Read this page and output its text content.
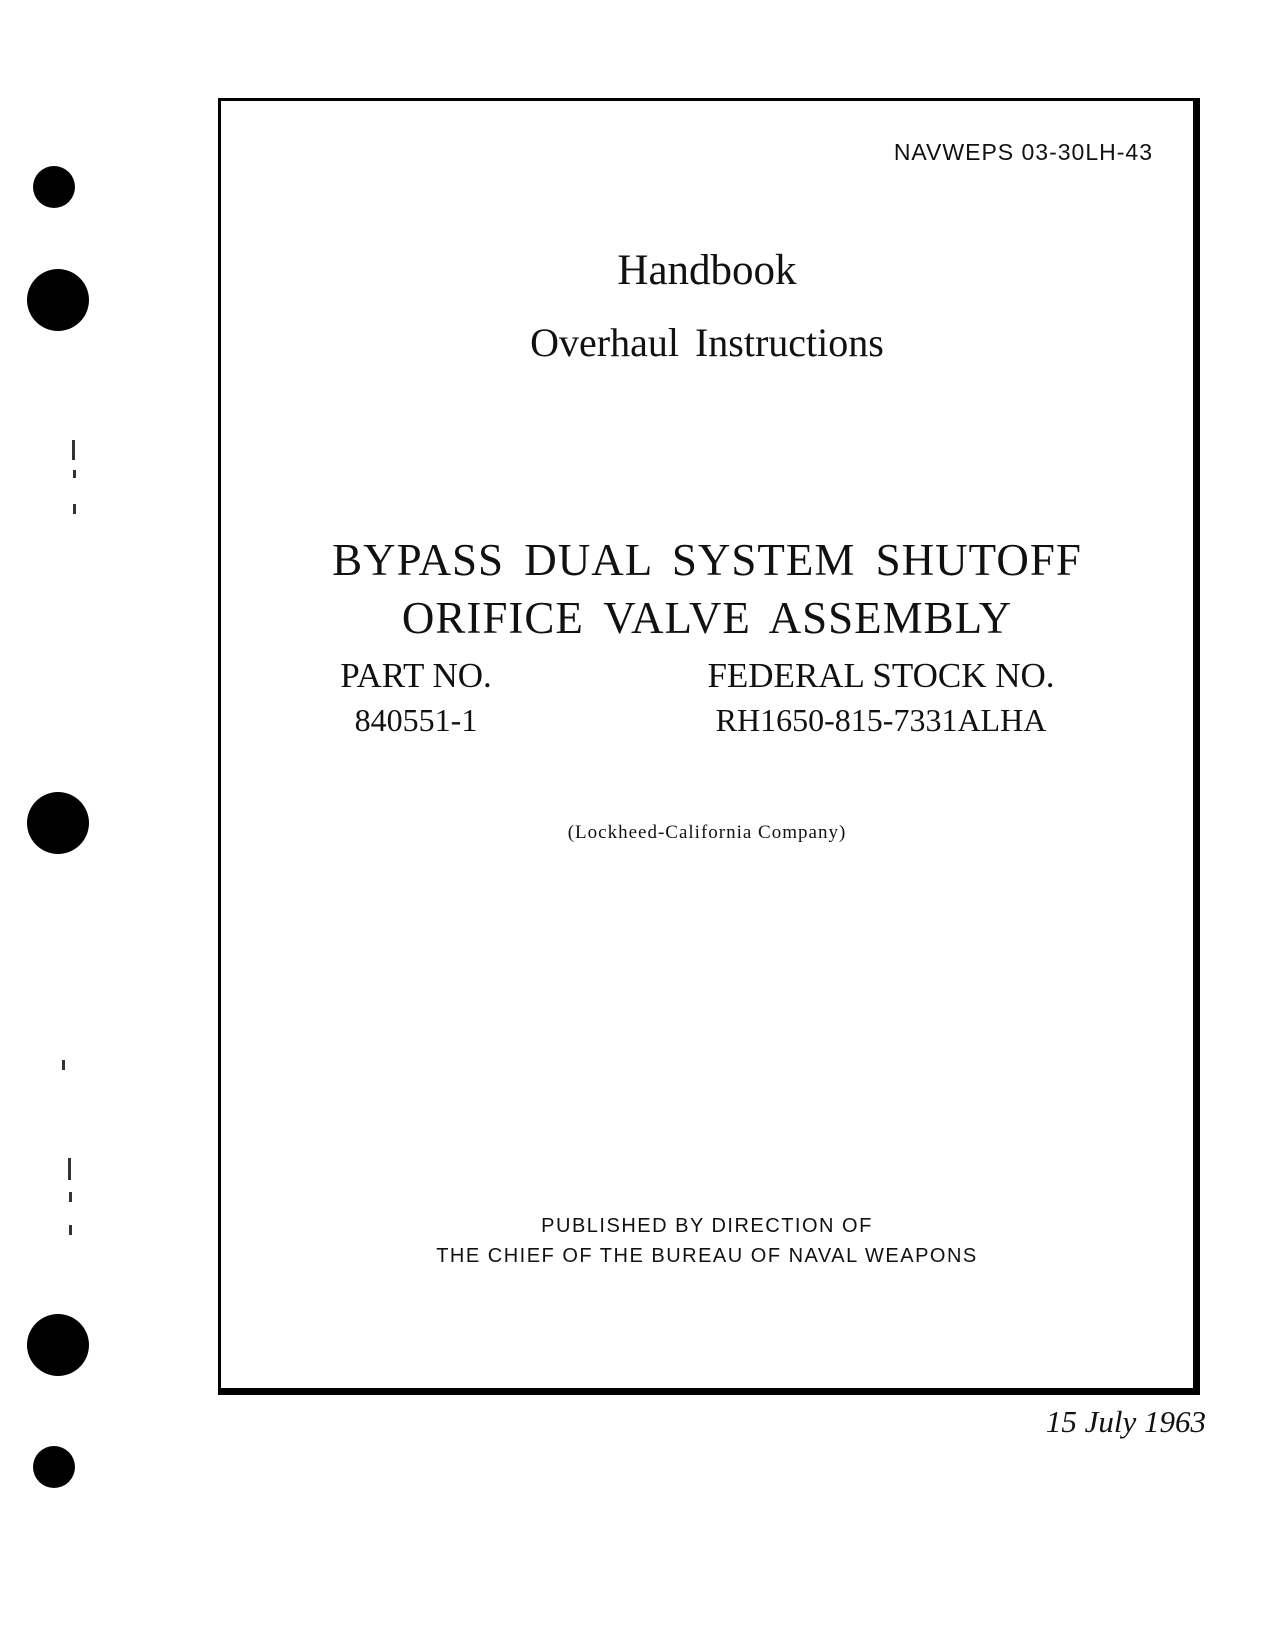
NAVWEPS 03-30LH-43
Handbook
Overhaul Instructions
BYPASS DUAL SYSTEM SHUTOFF
ORIFICE VALVE ASSEMBLY
PART NO.
840551-1
FEDERAL STOCK NO.
RH1650-815-7331ALHA
(Lockheed-California Company)
PUBLISHED BY DIRECTION OF
THE CHIEF OF THE BUREAU OF NAVAL WEAPONS
15 July 1963
